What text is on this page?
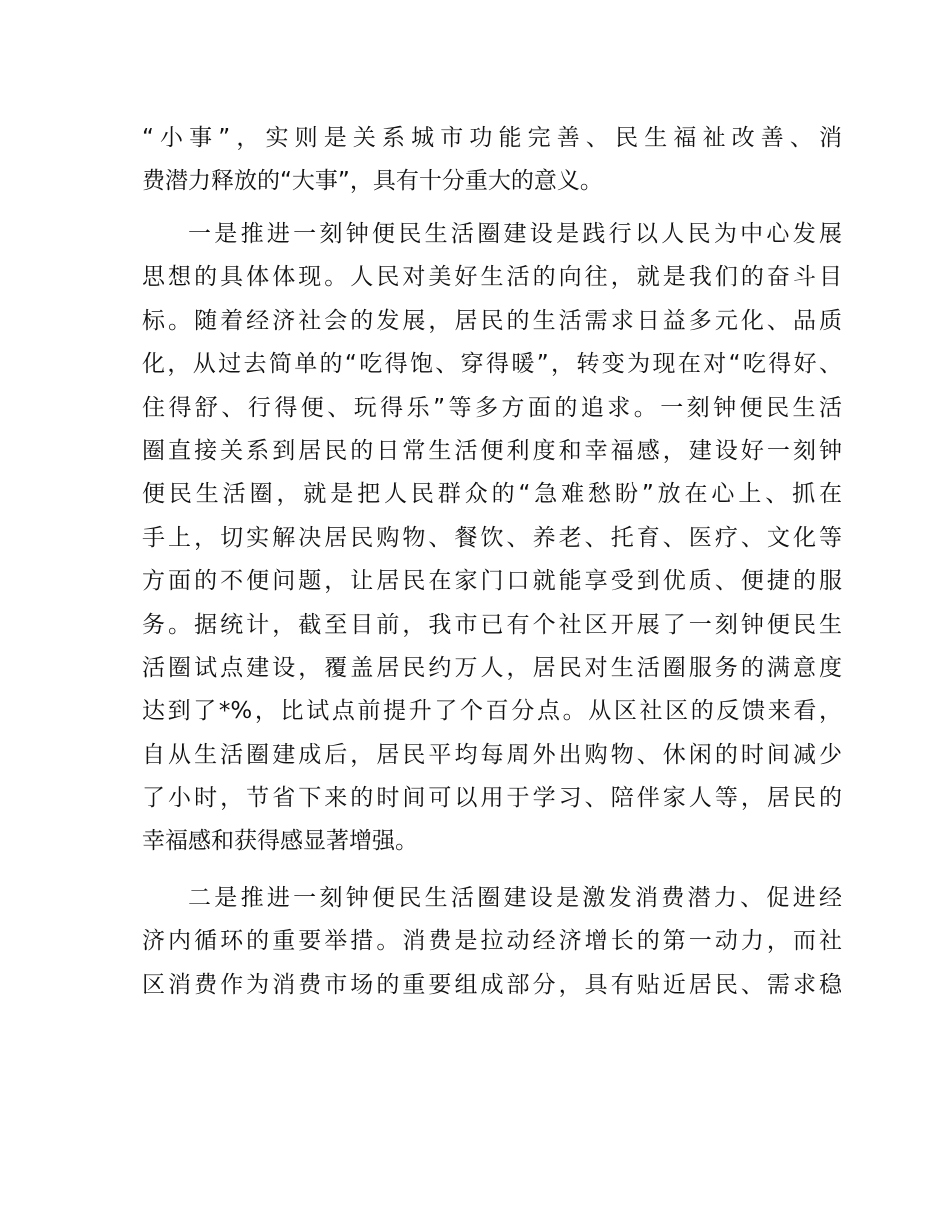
“小事”，实则是关系城市功能完善、民生福祉改善、消
费潜力释放的“大事”，具有十分重大的意义。
一是推进一刻钟便民生活圈建设是践行以人民为中心发展
思想的具体体现。人民对美好生活的向往，就是我们的奋斗目
标。随着经济社会的发展，居民的生活需求日益多元化、品质
化，从过去简单的“吃得饱、穿得暖”，转变为现在对“吃得好、
住得舒、行得便、玩得乐”等多方面的追求。一刻钟便民生活
圈直接关系到居民的日常生活便利度和幸福感，建设好一刻钟
便民生活圈，就是把人民群众的“急难愁盼”放在心上、抓在
手上，切实解决居民购物、餐饮、养老、托育、医疗、文化等
方面的不便问题，让居民在家门口就能享受到优质、便捷的服
务。据统计，截至目前，我市已有个社区开展了一刻钟便民生
活圈试点建设，覆盖居民约万人，居民对生活圈服务的满意度
达到了*%，比试点前提升了个百分点。从区社区的反馈来看，
自从生活圈建成后，居民平均每周外出购物、休闲的时间减少
了小时，节省下来的时间可以用于学习、陪伴家人等，居民的
幸福感和获得感显著增强。
二是推进一刻钟便民生活圈建设是激发消费潜力、促进经
济内循环的重要举措。消费是拉动经济增长的第一动力，而社
区消费作为消费市场的重要组成部分，具有贴近居民、需求稳
